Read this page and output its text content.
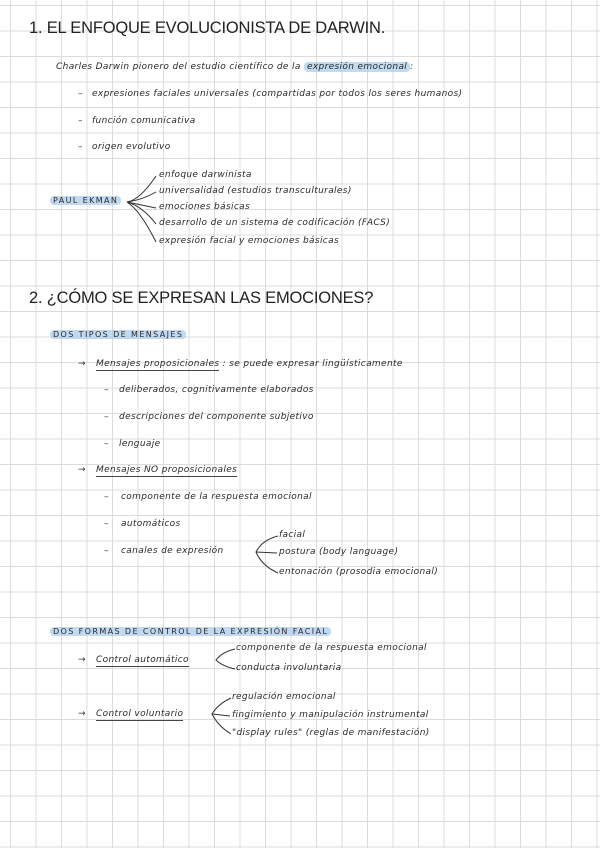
1. EL ENFOQUE EVOLUCIONISTA DE DARWIN.
Charles Darwin pionero del estudio científico de la expresión emocional :
– expresiones faciales universales (compartidas por todos los seres humanos)
– función comunicativa
– origen evolutivo
PAUL EKMAN
enfoque darwinista
universalidad (estudios transculturales)
emociones básicas
desarrollo de un sistema de codificación (FACS)
expresión facial y emociones básicas
2. ¿CÓMO SE EXPRESAN LAS EMOCIONES?
DOS TIPOS DE MENSAJES
→ Mensajes proposicionales : se puede expresar lingüísticamente
– deliberados, cognitivamente elaborados
– descripciones del componente subjetivo
– lenguaje
→ Mensajes NO proposicionales
– componente de la respuesta emocional
– automáticos
– canales de expresión
facial
postura (body language)
entonación (prosodia emocional)
DOS FORMAS DE CONTROL DE LA EXPRESIÓN FACIAL
→ Control automático
componente de la respuesta emocional
conducta involuntaria
→ Control voluntario
regulación emocional
fingimiento y manipulación instrumental
"display rules" (reglas de manifestación)
